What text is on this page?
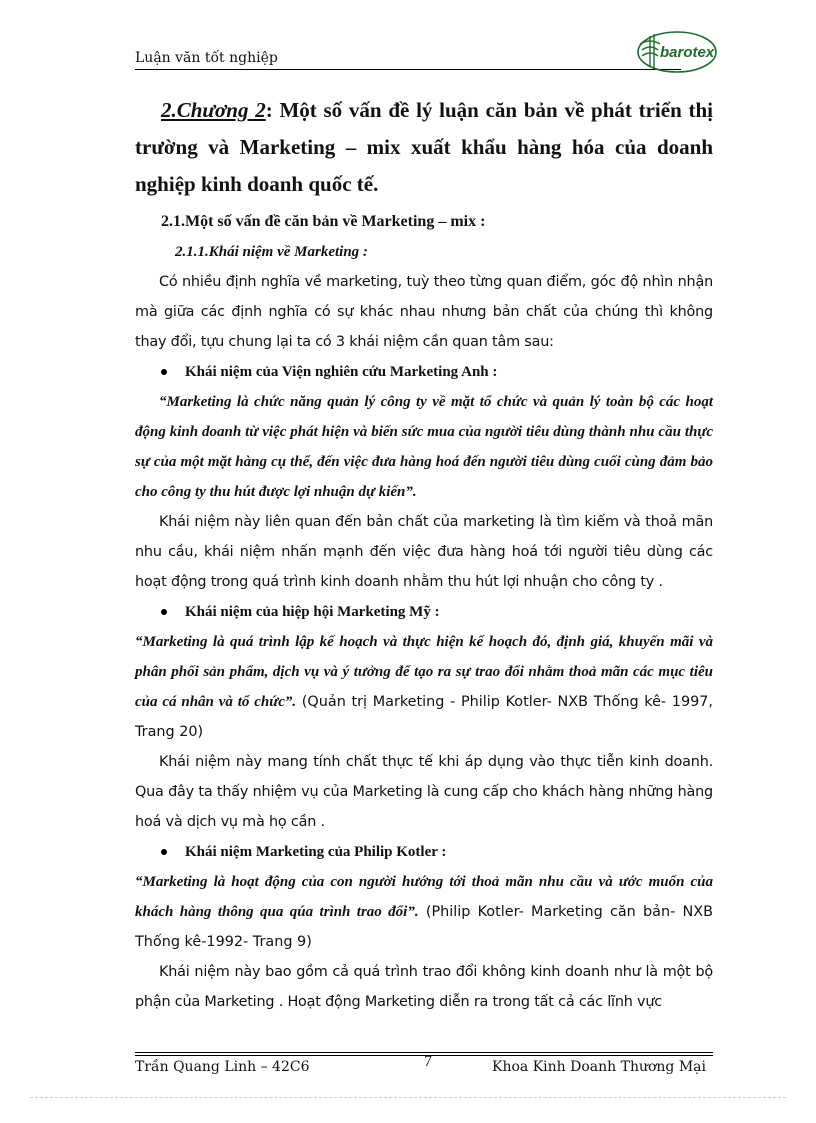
Luận văn tốt nghiệp	barotex

2.Chương 2: Một số vấn đề lý luận căn bản về phát triển thị trường và Marketing – mix xuất khẩu hàng hóa của doanh nghiệp kinh doanh quốc tế.

2.1.Một số vấn đề căn bản về Marketing – mix :

2.1.1.Khái niệm về Marketing :

Có nhiều định nghĩa về marketing, tuỳ theo từng quan điểm, góc độ nhìn nhận mà giữa các định nghĩa có sự khác nhau nhưng bản chất của chúng thì không thay đổi, tựu chung lại ta có 3 khái niệm cần quan tâm sau:

Khái niệm của Viện nghiên cứu Marketing Anh :

“Marketing là chức năng quản lý công ty về mặt tổ chức và quản lý toàn bộ các hoạt động kinh doanh từ việc phát hiện và biến sức mua của người tiêu dùng thành nhu cầu thực sự của một mặt hàng cụ thể, đến việc đưa hàng hoá đến người tiêu dùng cuối cùng đảm bảo cho công ty thu hút được lợi nhuận dự kiến”.

Khái niệm này liên quan đến bản chất của marketing là tìm kiếm và thoả mãn nhu cầu, khái niệm nhấn mạnh đến việc đưa hàng hoá tới người tiêu dùng các hoạt động trong quá trình kinh doanh nhằm thu hút lợi nhuận cho công ty .

Khái niệm của hiệp hội Marketing Mỹ :

“Marketing là quá trình lập kế hoạch và thực hiện kế hoạch đó, định giá, khuyến mãi và phân phối sản phẩm, dịch vụ và ý tưởng để tạo ra sự trao đổi nhằm thoả mãn các mục tiêu của cá nhân và tổ chức”. (Quản trị Marketing - Philip Kotler- NXB Thống kê- 1997, Trang 20)

Khái niệm này mang tính chất thực tế khi áp dụng vào thực tiễn kinh doanh. Qua đây ta thấy nhiệm vụ của Marketing là cung cấp cho khách hàng những hàng hoá và dịch vụ mà họ cần .

Khái niệm Marketing của Philip Kotler :

“Marketing là hoạt động của con người hướng tới thoả mãn nhu cầu và ước muốn của khách hàng thông qua qúa trình trao đổi”. (Philip Kotler- Marketing căn bản- NXB Thống kê-1992- Trang 9)

Khái niệm này bao gồm cả quá trình trao đổi không kinh doanh như là một bộ phận của Marketing . Hoạt động Marketing diễn ra trong tất cả các lĩnh vực

Trần Quang Linh – 42C6	7	Khoa Kinh Doanh Thương Mại
